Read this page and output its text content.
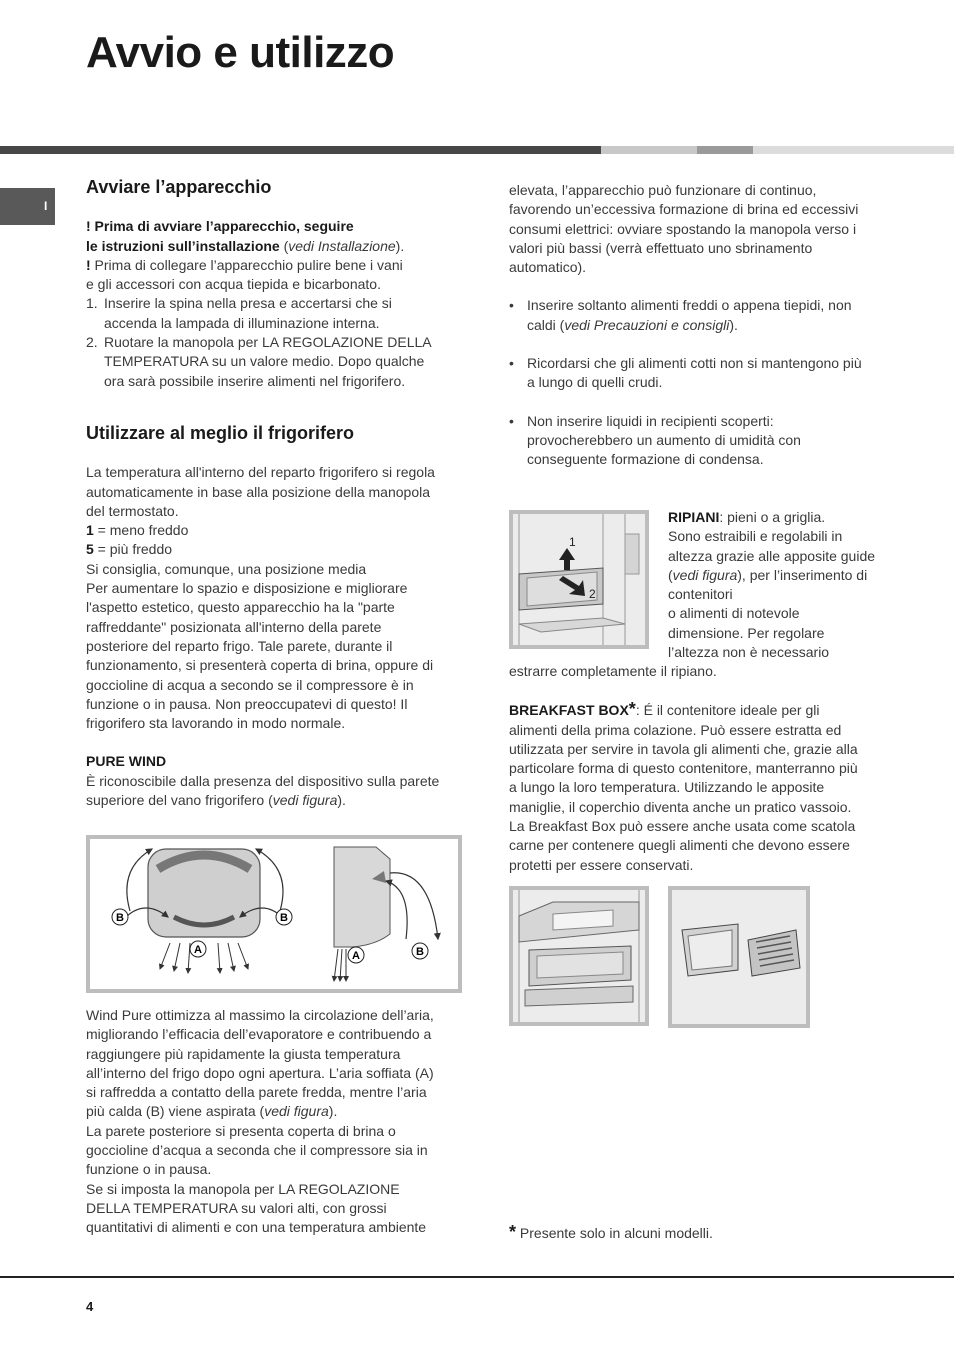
Avvio e utilizzo
I

Avviare l’apparecchio

! Prima di avviare l’apparecchio, seguire
le istruzioni sull’installazione (vedi Installazione).

! Prima di collegare l’apparecchio pulire bene i vani
e gli accessori con acqua tiepida e bicarbonato.

1. Inserire la spina nella presa e accertarsi che si
accenda la lampada di illuminazione interna.
2. Ruotare la manopola per LA REGOLAZIONE DELLA
TEMPERATURA su un valore medio. Dopo qualche
ora sarà possibile inserire alimenti nel frigorifero.

Utilizzare al meglio il frigorifero

La temperatura all'interno del reparto frigorifero si regola
automaticamente in base alla posizione della manopola
del termostato.

1 = meno freddo

5 = più freddo

Si consiglia, comunque, una posizione media
Per aumentare lo spazio e disposizione e migliorare
l'aspetto estetico, questo apparecchio ha la "parte
raffreddante" posizionata all'interno della parete
posteriore del reparto frigo. Tale parete, durante il
funzionamento, si presenterà coperta di brina, oppure di
goccioline di acqua a secondo se il compressore è in
funzione o in pausa. Non preoccupatevi di questo! Il
frigorifero sta lavorando in modo normale.

PURE WIND

È riconoscibile dalla presenza del dispositivo sulla parete
superiore del vano frigorifero (vedi figura).

B	B
A	A	B

Wind Pure ottimizza al massimo la circolazione dell’aria,
migliorando l’efficacia dell’evaporatore e contribuendo a
raggiungere più rapidamente la giusta temperatura
all’interno del frigo dopo ogni apertura. L’aria soffiata (A)
si raffredda a contatto della parete fredda, mentre l’aria
più calda (B) viene aspirata (vedi figura).

La parete posteriore si presenta coperta di brina o
goccioline d’acqua a seconda che il compressore sia in
funzione o in pausa.
Se si imposta la manopola per LA REGOLAZIONE
DELLA TEMPERATURA su valori alti, con grossi
quantitativi di alimenti e con una temperatura ambiente

elevata, l’apparecchio può funzionare di continuo,
favorendo un’eccessiva formazione di brina ed eccessivi
consumi elettrici: ovviare spostando la manopola verso i
valori più bassi (verrà effettuato uno sbrinamento
automatico).

• Inserire soltanto alimenti freddi o appena tiepidi, non
caldi (vedi Precauzioni e consigli).
• Ricordarsi che gli alimenti cotti non si mantengono più
a lungo di quelli crudi.
• Non inserire liquidi in recipienti scoperti:
provocherebbero un aumento di umidità con
conseguente formazione di condensa.
1
2

RIPIANI: pieni o a griglia.

Sono estraibili e regolabili in

altezza grazie alle apposite guide

(vedi figura), per l’inserimento di

contenitori

o alimenti di notevole

dimensione. Per regolare

l’altezza non è necessario

estrarre completamente il ripiano.

BREAKFAST BOX*: É il contenitore ideale per gli
alimenti della prima colazione. Può essere estratta ed
utilizzata per servire in tavola gli alimenti che, grazie alla
particolare forma di questo contenitore, manterranno più
a lungo la loro temperatura. Utilizzando le apposite
maniglie, il coperchio diventa anche un pratico vassoio.
La Breakfast Box può essere anche usata come scatola
carne per contenere quegli alimenti che devono essere
protetti per essere conservati.

* Presente solo in alcuni modelli.
4
